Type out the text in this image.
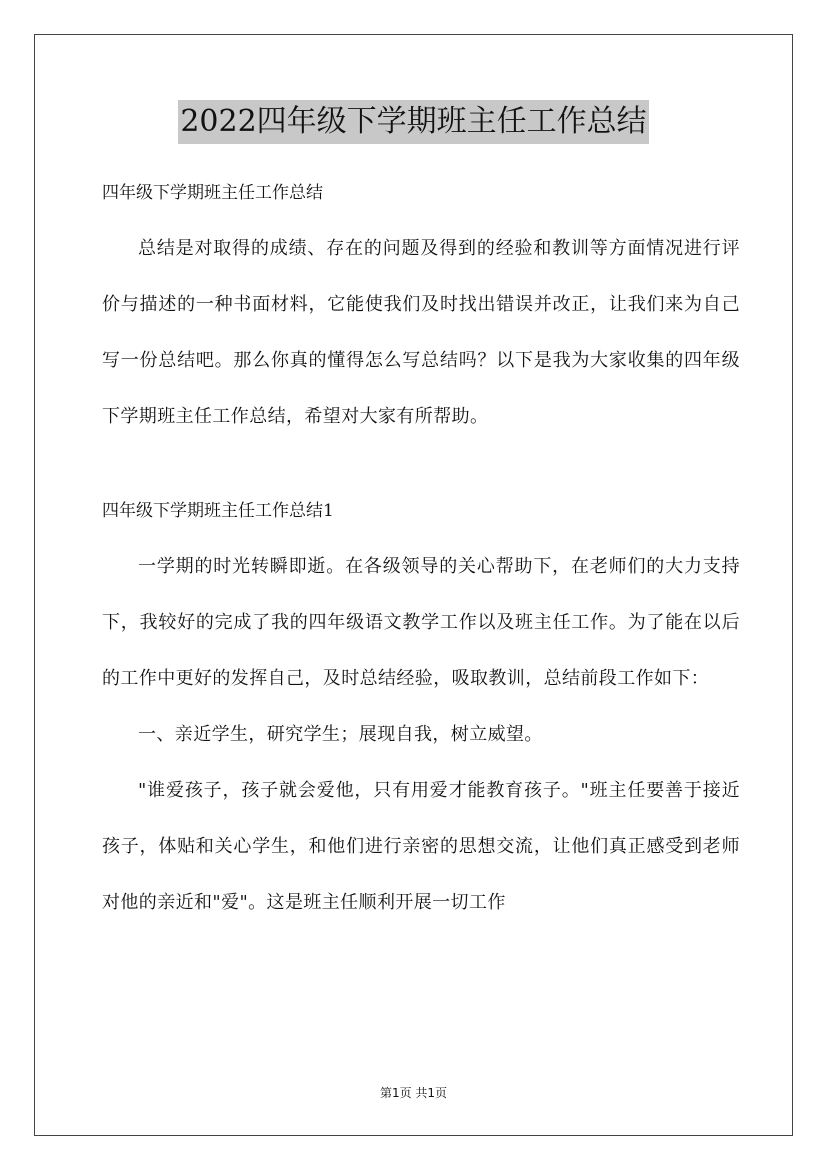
2022四年级下学期班主任工作总结

四年级下学期班主任工作总结

总结是对取得的成绩、存在的问题及得到的经验和教训等方面情况进行评价与描述的一种书面材料，它能使我们及时找出错误并改正，让我们来为自己写一份总结吧。那么你真的懂得怎么写总结吗？以下是我为大家收集的四年级下学期班主任工作总结，希望对大家有所帮助。

四年级下学期班主任工作总结1

一学期的时光转瞬即逝。在各级领导的关心帮助下，在老师们的大力支持下，我较好的完成了我的四年级语文教学工作以及班主任工作。为了能在以后的工作中更好的发挥自己，及时总结经验，吸取教训，总结前段工作如下：

一、亲近学生，研究学生；展现自我，树立威望。

"谁爱孩子，孩子就会爱他，只有用爱才能教育孩子。"班主任要善于接近孩子，体贴和关心学生，和他们进行亲密的思想交流，让他们真正感受到老师对他的亲近和"爱"。这是班主任顺利开展一切工作

第1页 共1页
